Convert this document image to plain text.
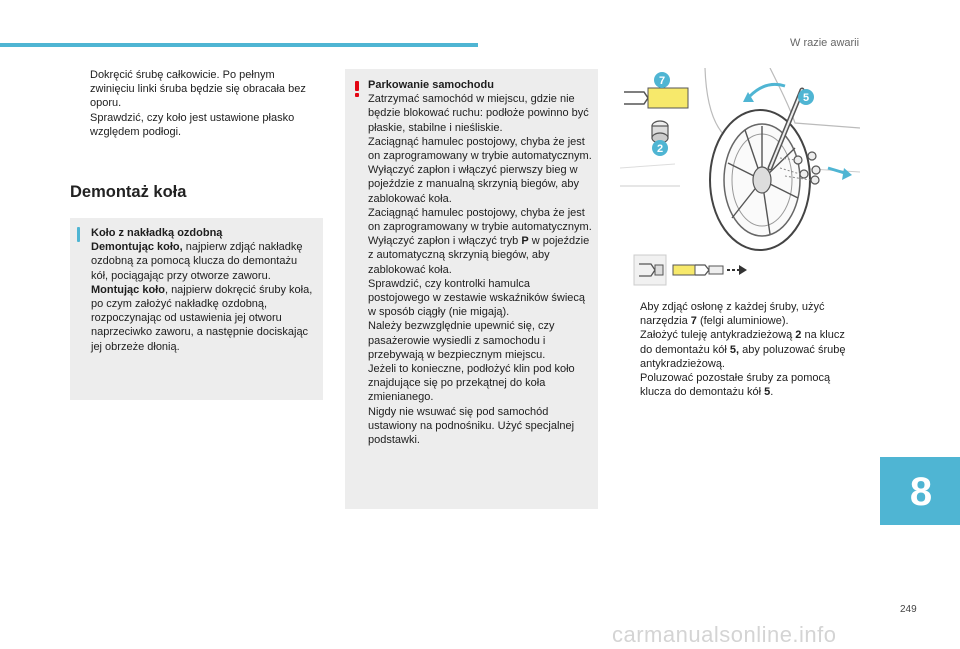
W razie awarii

Dokręcić śrubę całkowicie. Po pełnym zwinięciu linki śruba będzie się obracała bez oporu.

Sprawdzić, czy koło jest ustawione płasko względem podłogi.

Demontaż koła

Koło z nakładką ozdobną

Demontując koło, najpierw zdjąć nakładkę ozdobną za pomocą klucza do demontażu kół, pociągając przy otworze zaworu.

Montując koło, najpierw dokręcić śruby koła, po czym założyć nakładkę ozdobną, rozpoczynając od ustawienia jej otworu naprzeciwko zaworu, a następnie dociskając jej obrzeże dłonią.

Parkowanie samochodu

Zatrzymać samochód w miejscu, gdzie nie będzie blokować ruchu: podłoże powinno być płaskie, stabilne i nieśliskie.

Zaciągnąć hamulec postojowy, chyba że jest on zaprogramowany w trybie automatycznym. Wyłączyć zapłon i włączyć pierwszy bieg w pojeździe z manualną skrzynią biegów, aby zablokować koła.

Zaciągnąć hamulec postojowy, chyba że jest on zaprogramowany w trybie automatycznym. Wyłączyć zapłon i włączyć tryb P w pojeździe z automatyczną skrzynią biegów, aby zablokować koła.

Sprawdzić, czy kontrolki hamulca postojowego w zestawie wskaźników świecą w sposób ciągły (nie migają).

Należy bezwzględnie upewnić się, czy pasażerowie wysiedli z samochodu i przebywają w bezpiecznym miejscu.

Jeżeli to konieczne, podłożyć klin pod koło znajdujące się po przekątnej do koła zmienianego.

Nigdy nie wsuwać się pod samochód ustawiony na podnośniku. Użyć specjalnej podstawki.

7
5
2

Aby zdjąć osłonę z każdej śruby, użyć narzędzia 7 (felgi aluminiowe).

Założyć tuleję antykradzieżową 2 na klucz do demontażu kół 5, aby poluzować śrubę antykradzieżową.

Poluzować pozostałe śruby za pomocą klucza do demontażu kół 5.

8
249
carmanualsonline.info
